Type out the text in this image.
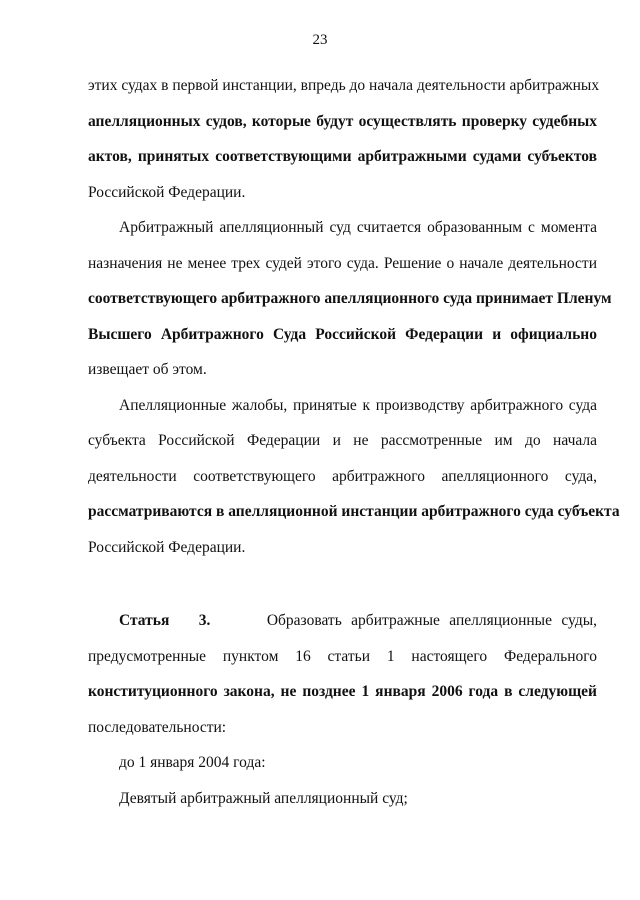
23

этих судах в первой инстанции, впредь до начала деятельности арбитражных
апелляционных судов, которые будут осуществлять проверку судебных
актов, принятых соответствующими арбитражными судами субъектов
Российской Федерации.

Арбитражный апелляционный суд считается образованным с момента
назначения не менее трех судей этого суда. Решение о начале деятельности
соответствующего арбитражного апелляционного суда принимает Пленум
Высшего Арбитражного Суда Российской Федерации и официально
извещает об этом.

Апелляционные жалобы, принятые к производству арбитражного суда
субъекта Российской Федерации и не рассмотренные им до начала
деятельности соответствующего арбитражного апелляционного суда,
рассматриваются в апелляционной инстанции арбитражного суда субъекта
Российской Федерации.

Статья 3.	Образовать арбитражные апелляционные суды,
предусмотренные пунктом 16 статьи 1 настоящего Федерального
конституционного закона, не позднее 1 января 2006 года в следующей
последовательности:

до 1 января 2004 года:

Девятый арбитражный апелляционный суд;
